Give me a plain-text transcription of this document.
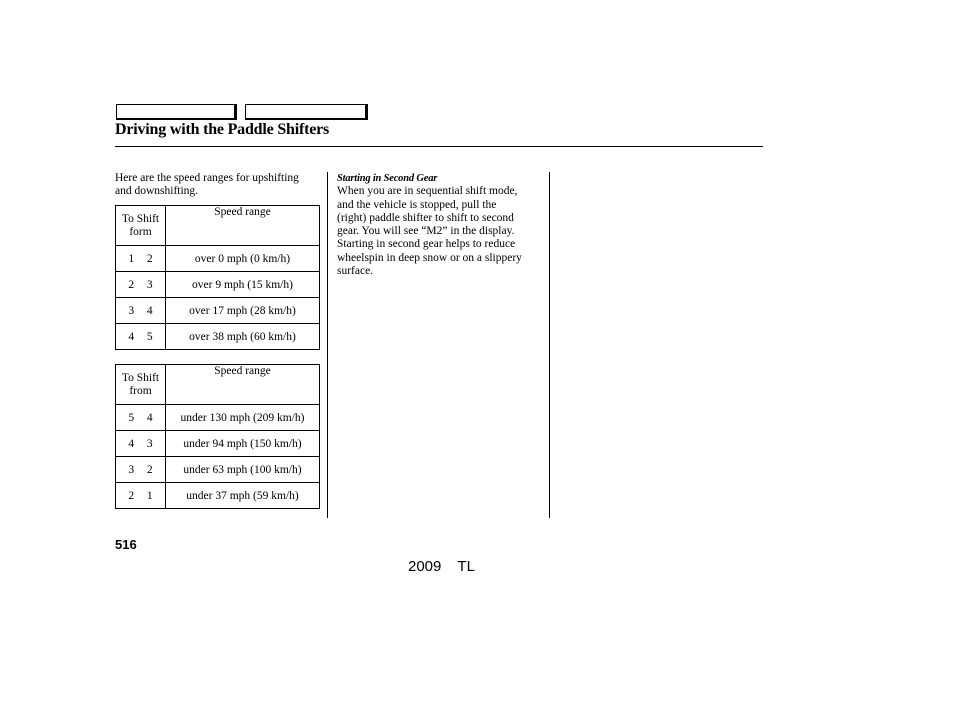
Driving with the Paddle Shifters
Here are the speed ranges for upshifting and downshifting.
To Shift form	Speed range

1 2	over 0 mph (0 km/h)

2 3	over 9 mph (15 km/h)

3 4	over 17 mph (28 km/h)

4 5	over 38 mph (60 km/h)
To Shift from	Speed range

5 4	under 130 mph (209 km/h)

4 3	under 94 mph (150 km/h)

3 2	under 63 mph (100 km/h)

2 1	under 37 mph (59 km/h)
Starting in Second Gear
When you are in sequential shift mode, and the vehicle is stopped, pull the      (right) paddle shifter to shift to second gear. You will see “M2” in the display. Starting in second gear helps to reduce wheelspin in deep snow or on a slippery surface.
516
2009  TL
